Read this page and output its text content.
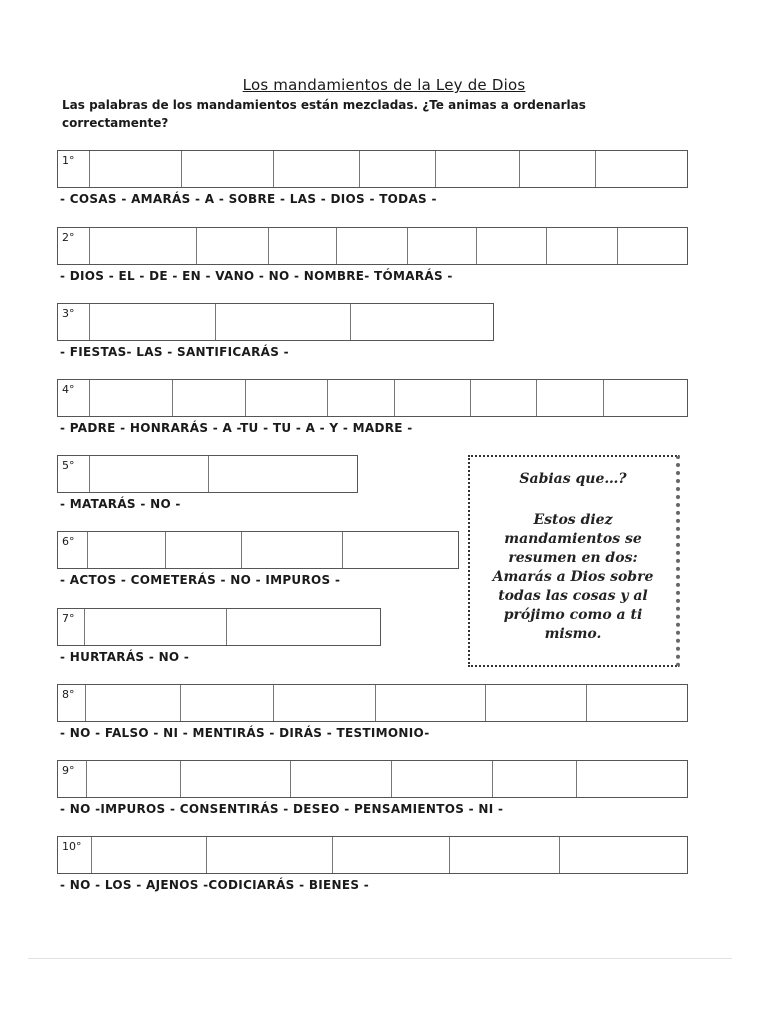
Los mandamientos de la Ley de Dios
Las palabras de los mandamientos están mezcladas. ¿Te animas a ordenarlas correctamente?
1°
- COSAS - AMARÁS - A - SOBRE - LAS - DIOS - TODAS -
2°
- DIOS - EL - DE - EN - VANO - NO - NOMBRE- TÓMARÁS -
3°
- FIESTAS- LAS - SANTIFICARÁS -
4°
- PADRE - HONRARÁS - A -TU - TU - A - Y - MADRE -
5°
- MATARÁS - NO -
6°
- ACTOS - COMETERÁS - NO - IMPUROS -
7°
- HURTARÁS - NO -
8°
- NO - FALSO - NI - MENTIRÁS - DIRÁS - TESTIMONIO-
9°
- NO -IMPUROS - CONSENTIRÁS - DESEO - PENSAMIENTOS - NI -
10°
- NO - LOS - AJENOS -CODICIARÁS - BIENES -
Sabias que…?
Estos diez mandamientos se resumen en dos: Amarás a Dios sobre todas las cosas y al prójimo como a ti mismo.
